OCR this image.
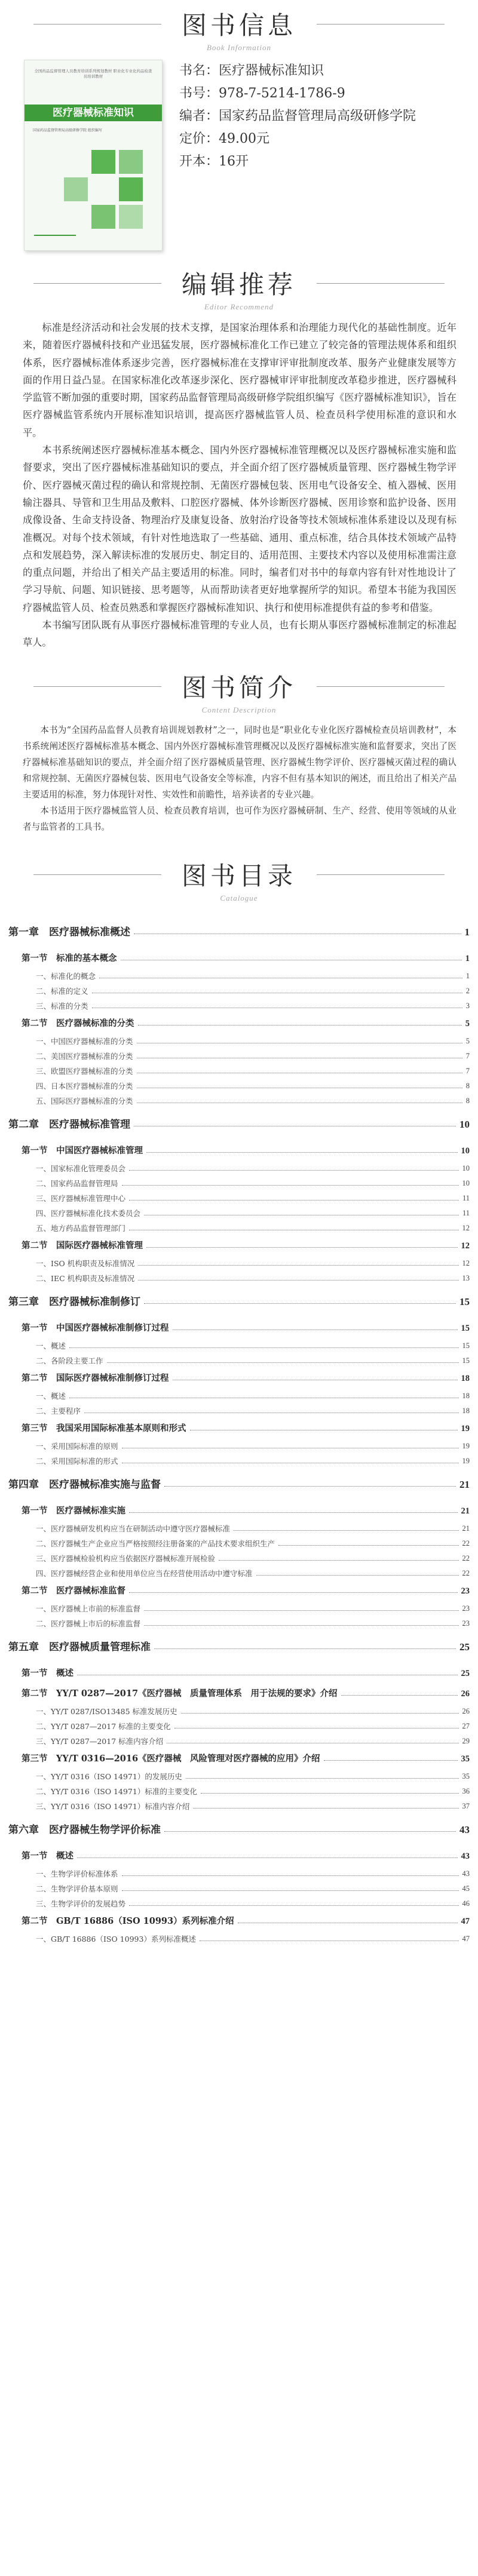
图书信息
Book Information
全国药品监督管理人员教育培训系列规划教材 职业化专业化药品检查员培训教材
医疗器械标准知识
国家药品监督管理局高级研修学院 组织编写
书名：医疗器械标准知识
书号：978-7-5214-1786-9
编者：国家药品监督管理局高级研修学院
定价：49.00元
开本：16开
编辑推荐
Editor Recommend

标准是经济活动和社会发展的技术支撑，是国家治理体系和治理能力现代化的基础性制度。近年来，随着医疗器械科技和产业迅猛发展，医疗器械标准化工作已建立了较完备的管理法规体系和组织体系，医疗器械标准体系逐步完善，医疗器械标准在支撑审评审批制度改革、服务产业健康发展等方面的作用日益凸显。在国家标准化改革逐步深化、医疗器械审评审批制度改革稳步推进，医疗器械科学监管不断加强的重要时期，国家药品监督管理局高级研修学院组织编写《医疗器械标准知识》，旨在医疗器械监管系统内开展标准知识培训，提高医疗器械监管人员、检查员科学使用标准的意识和水平。

本书系统阐述医疗器械标准基本概念、国内外医疗器械标准管理概况以及医疗器械标准实施和监督要求，突出了医疗器械标准基础知识的要点，并全面介绍了医疗器械质量管理、医疗器械生物学评价、医疗器械灭菌过程的确认和常规控制、无菌医疗器械包装、医用电气设备安全、植入器械、医用输注器具、导管和卫生用品及敷料、口腔医疗器械、体外诊断医疗器械、医用诊察和监护设备、医用成像设备、生命支持设备、物理治疗及康复设备、放射治疗设备等技术领域标准体系建设以及现有标准概况。对每个技术领域，有针对性地选取了一些基础、通用、重点标准，结合具体技术领域产品特点和发展趋势，深入解读标准的发展历史、制定目的、适用范围、主要技术内容以及使用标准需注意的重点问题，并给出了相关产品主要适用的标准。同时，编者们对书中的每章内容有针对性地设计了学习导航、问题、知识链接、思考题等，从而帮助读者更好地掌握所学的知识。希望本书能为我国医疗器械监管人员、检查员熟悉和掌握医疗器械标准知识、执行和使用标准提供有益的参考和借鉴。

本书编写团队既有从事医疗器械标准管理的专业人员，也有长期从事医疗器械标准制定的标准起草人。

图书简介
Content Description

本书为“全国药品监督人员教育培训规划教材”之一，同时也是“职业化专业化医疗器械检查员培训教材”，本书系统阐述医疗器械标准基本概念、国内外医疗器械标准管理概况以及医疗器械标准实施和监督要求，突出了医疗器械标准基础知识的要点，并全面介绍了医疗器械质量管理、医疗器械生物学评价、医疗器械灭菌过程的确认和常规控制、无菌医疗器械包装、医用电气设备安全等标准，内容不但有基本知识的阐述，而且给出了相关产品主要适用的标准，努力体现针对性、实效性和前瞻性，培养读者的专业兴趣。

本书适用于医疗器械监管人员、检查员教育培训，也可作为医疗器械研制、生产、经营、使用等领域的从业者与监管者的工具书。

图书目录
Catalogue
第一章　医疗器械标准概述	1
第一节　标准的基本概念	1
一、标准化的概念	1
二、标准的定义	2
三、标准的分类	3
第二节　医疗器械标准的分类	5
一、中国医疗器械标准的分类	5
二、美国医疗器械标准的分类	7
三、欧盟医疗器械标准的分类	7
四、日本医疗器械标准的分类	8
五、国际医疗器械标准的分类	8
第二章　医疗器械标准管理	10
第一节　中国医疗器械标准管理	10
一、国家标准化管理委员会	10
二、国家药品监督管理局	10
三、医疗器械标准管理中心	11
四、医疗器械标准化技术委员会	11
五、地方药品监督管理部门	12
第二节　国际医疗器械标准管理	12
一、ISO 机构职责及标准情况	12
二、IEC 机构职责及标准情况	13
第三章　医疗器械标准制修订	15
第一节　中国医疗器械标准制修订过程	15
一、概述	15
二、各阶段主要工作	15
第二节　国际医疗器械标准制修订过程	18
一、概述	18
二、主要程序	18
第三节　我国采用国际标准基本原则和形式	19
一、采用国际标准的原则	19
二、采用国际标准的形式	19
第四章　医疗器械标准实施与监督	21
第一节　医疗器械标准实施	21
一、医疗器械研发机构应当在研制活动中遵守医疗器械标准	21
二、医疗器械生产企业应当严格按照经注册备案的产品技术要求组织生产	22
三、医疗器械检验机构应当依据医疗器械标准开展检验	22
四、医疗器械经营企业和使用单位应当在经营使用活动中遵守标准	22
第二节　医疗器械标准监督	23
一、医疗器械上市前的标准监督	23
二、医疗器械上市后的标准监督	23
第五章　医疗器械质量管理标准	25
第一节　概述	25
第二节　YY/T 0287—2017《医疗器械　质量管理体系　用于法规的要求》介绍	26
一、YY/T 0287/ISO13485 标准发展历史	26
二、YY/T 0287—2017 标准的主要变化	27
三、YY/T 0287—2017 标准内容介绍	29
第三节　YY/T 0316—2016《医疗器械　风险管理对医疗器械的应用》介绍	35
一、YY/T 0316（ISO 14971）的发展历史	35
二、YY/T 0316（ISO 14971）标准的主要变化	36
三、YY/T 0316（ISO 14971）标准内容介绍	37
第六章　医疗器械生物学评价标准	43
第一节　概述	43
一、生物学评价标准体系	43
二、生物学评价基本原则	45
三、生物学评价的发展趋势	46
第二节　GB/T 16886（ISO 10993）系列标准介绍	47
一、GB/T 16886（ISO 10993）系列标准概述	47
